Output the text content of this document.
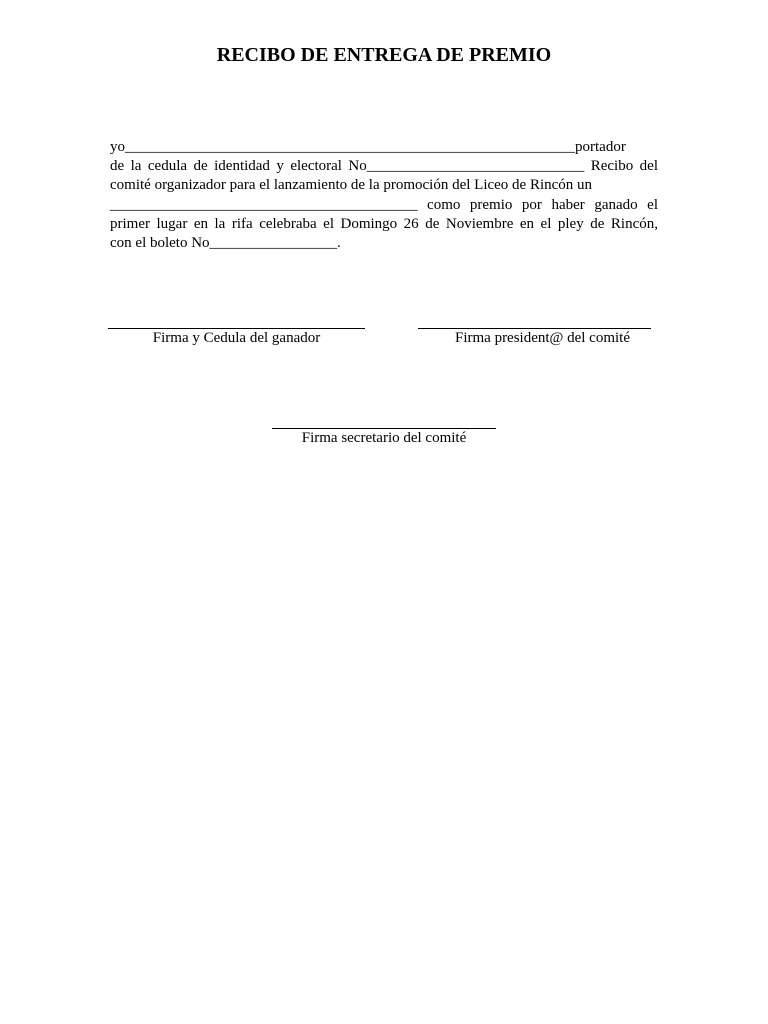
RECIBO DE ENTREGA DE PREMIO
yo____________________________________________________________portador
de la cedula de identidad y electoral No_____________________________ Recibo del
comité organizador para el lanzamiento de la promoción del Liceo de Rincón un
_________________________________________ como premio por haber ganado el
primer lugar en la rifa celebraba el Domingo 26 de Noviembre en el pley de Rincón,
con el boleto No_________________.
Firma y Cedula del ganador	Firma president@ del comité
Firma secretario del comité
